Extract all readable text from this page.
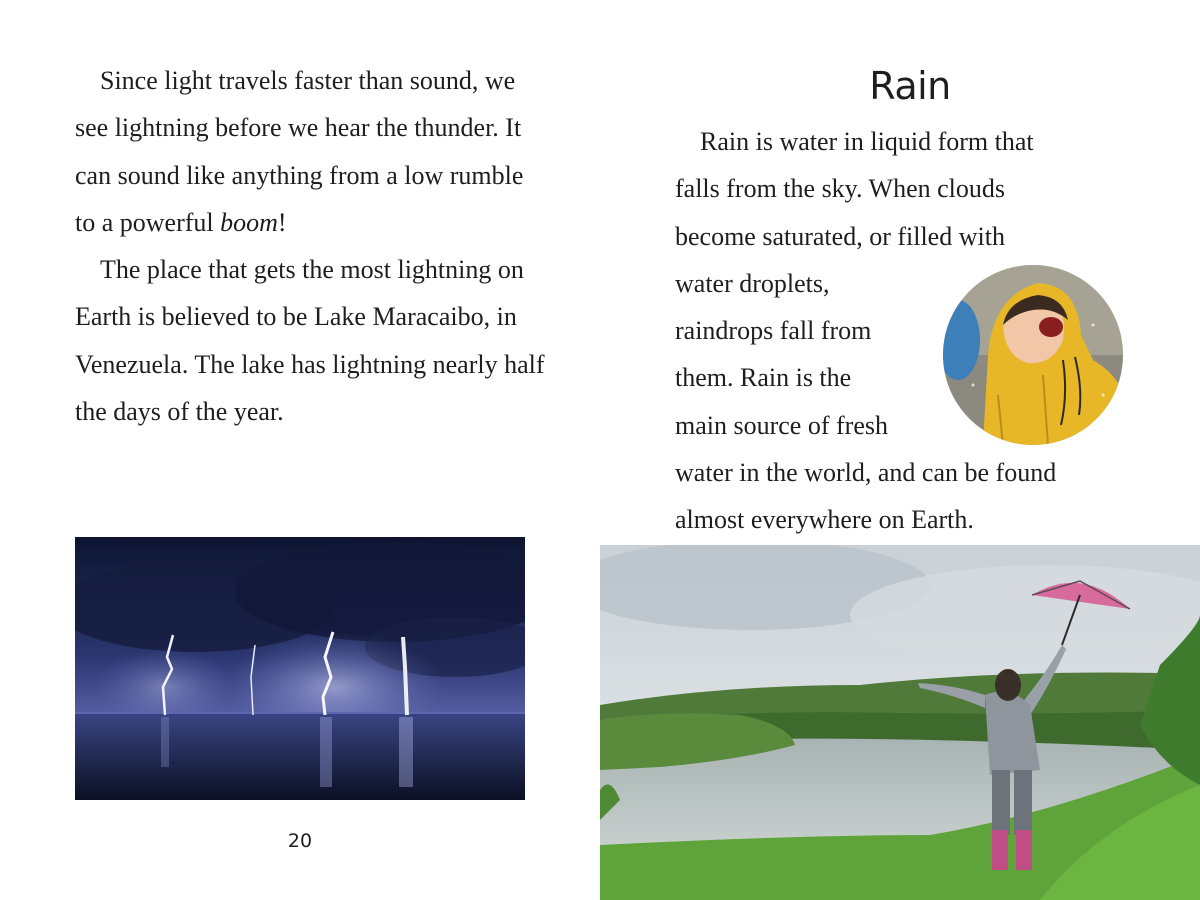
Since light travels faster than sound, we see lightning before we hear the thunder. It can sound like anything from a low rumble to a powerful boom!

The place that gets the most lightning on Earth is believed to be Lake Maracaibo, in Venezuela. The lake has lightning nearly half the days of the year.

20
Rain
Rain is water in liquid form that
falls from the sky. When clouds
become saturated, or filled with
water droplets,
raindrops fall from
them. Rain is the
main source of fresh
water in the world, and can be found
almost everywhere on Earth.
